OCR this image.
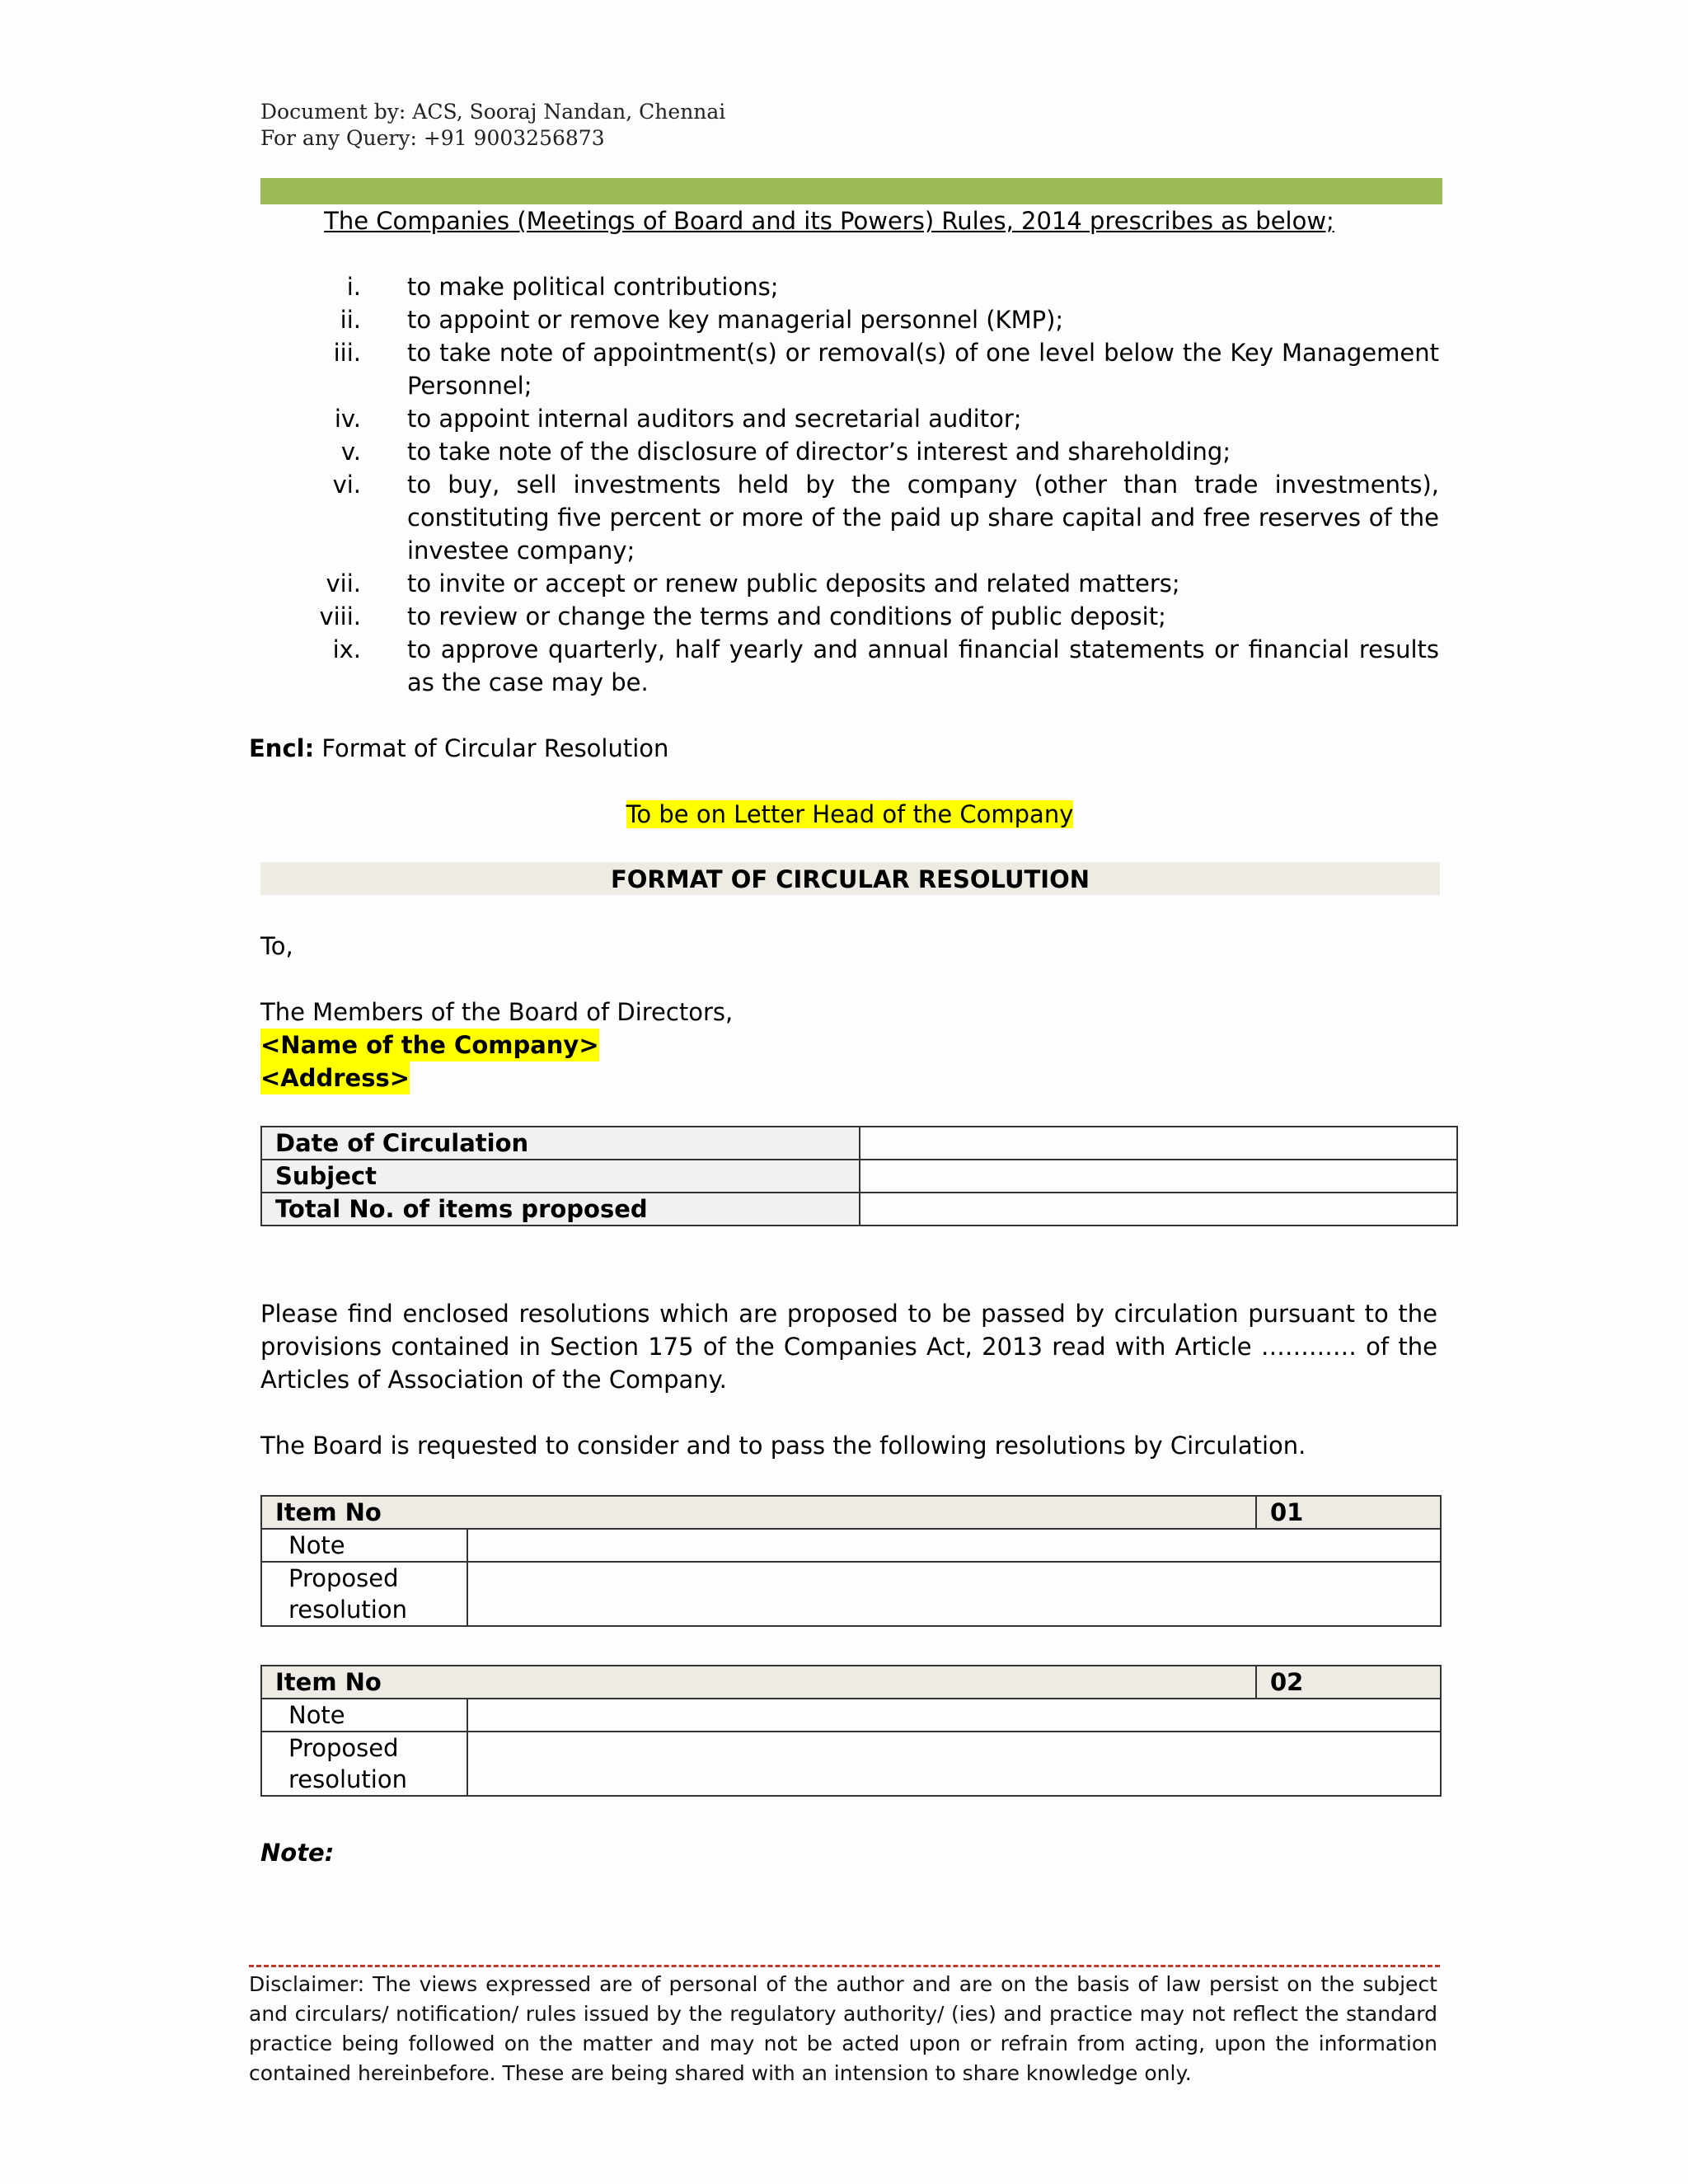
Document by: ACS, Sooraj Nandan, Chennai
For any Query: +91 9003256873
The Companies (Meetings of Board and its Powers) Rules, 2014 prescribes as below;
i.	to make political contributions;
ii.	to appoint or remove key managerial personnel (KMP);
iii.	to take note of appointment(s) or removal(s) of one level below the Key Management Personnel;
iv.	to appoint internal auditors and secretarial auditor;
v.	to take note of the disclosure of director’s interest and shareholding;
vi.	to buy, sell investments held by the company (other than trade investments), constituting five percent or more of the paid up share capital and free reserves of the investee company;
vii.	to invite or accept or renew public deposits and related matters;
viii.	to review or change the terms and conditions of public deposit;
ix.	to approve quarterly, half yearly and annual financial statements or financial results as the case may be.
Encl: Format of Circular Resolution
To be on Letter Head of the Company
FORMAT OF CIRCULAR RESOLUTION
To,
The Members of the Board of Directors,
<Name of the Company>
<Address>
Date of Circulation	
Subject	
Total No. of items proposed	
Please find enclosed resolutions which are proposed to be passed by circulation pursuant to the provisions contained in Section 175 of the Companies Act, 2013 read with Article ………… of the Articles of Association of the Company.
The Board is requested to consider and to pass the following resolutions by Circulation.
Item No		01
Note		
Proposed resolution		
Item No		02
Note		
Proposed resolution		
Note:
Disclaimer: The views expressed are of personal of the author and are on the basis of law persist on the subject and circulars/ notification/ rules issued by the regulatory authority/ (ies) and practice may not reflect the standard practice being followed on the matter and may not be acted upon or refrain from acting, upon the information contained hereinbefore. These are being shared with an intension to share knowledge only.
